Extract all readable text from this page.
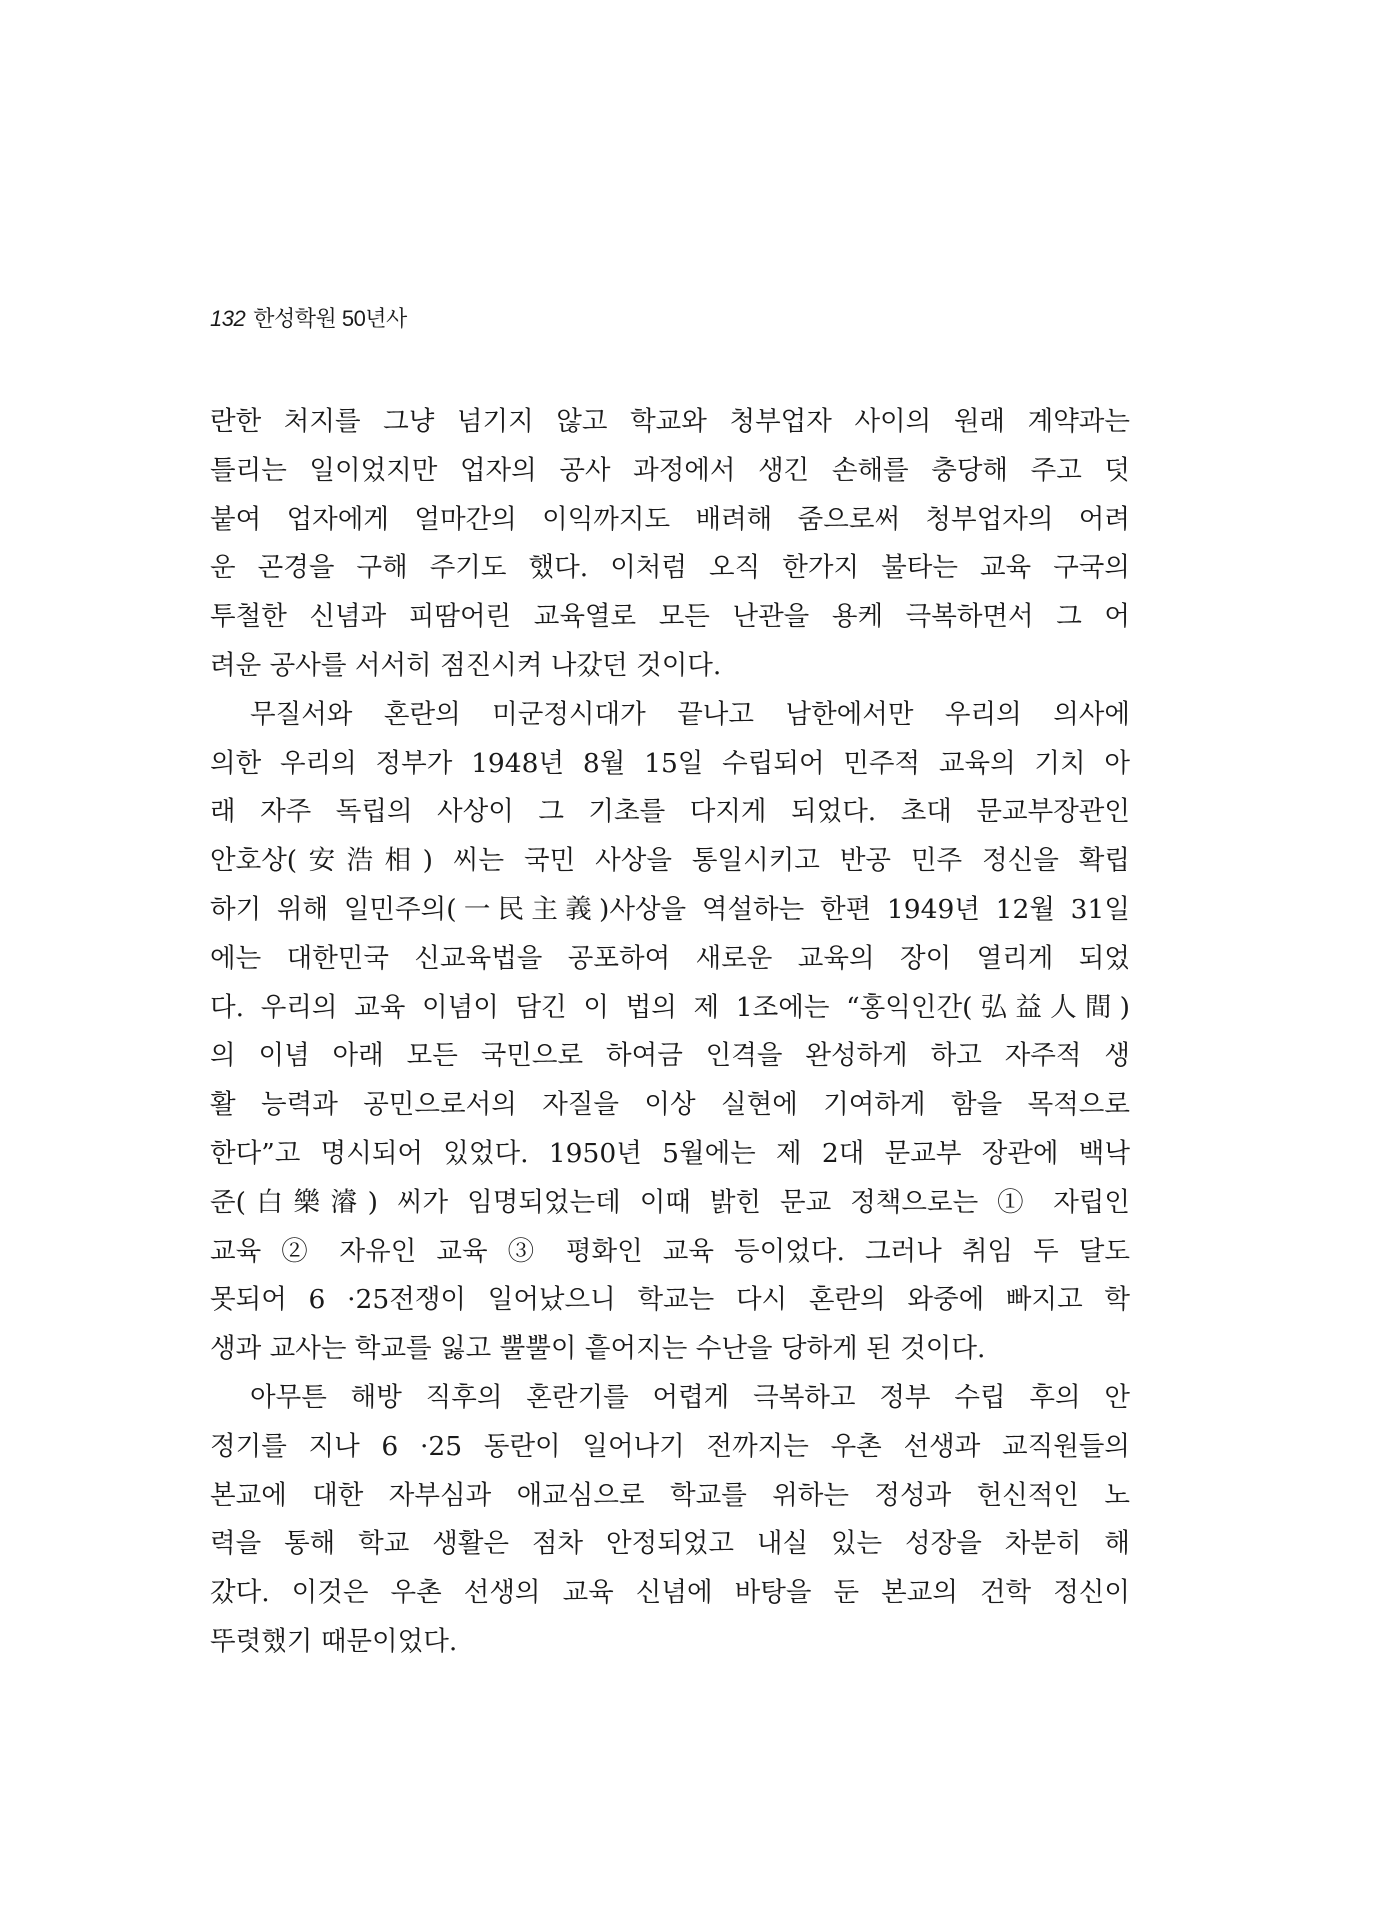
132 한성학원 50년사
란한 처지를 그냥 넘기지 않고 학교와 청부업자 사이의 원래 계약과는
틀리는 일이었지만 업자의 공사 과정에서 생긴 손해를 충당해 주고 덧
붙여 업자에게 얼마간의 이익까지도 배려해 줌으로써 청부업자의 어려
운 곤경을 구해 주기도 했다. 이처럼 오직 한가지 불타는 교육 구국의
투철한 신념과 피땀어린 교육열로 모든 난관을 용케 극복하면서 그 어
려운 공사를 서서히 점진시켜 나갔던 것이다.
무질서와 혼란의 미군정시대가 끝나고 남한에서만 우리의 의사에
의한 우리의 정부가 1948년 8월 15일 수립되어 민주적 교육의 기치 아
래 자주 독립의 사상이 그 기초를 다지게 되었다. 초대 문교부장관인
안호상(安浩相) 씨는 국민 사상을 통일시키고 반공 민주 정신을 확립
하기 위해 일민주의(一民主義)사상을 역설하는 한편 1949년 12월 31일
에는 대한민국 신교육법을 공포하여 새로운 교육의 장이 열리게 되었
다. 우리의 교육 이념이 담긴 이 법의 제 1조에는 “홍익인간(弘益人間)
의 이념 아래 모든 국민으로 하여금 인격을 완성하게 하고 자주적 생
활 능력과 공민으로서의 자질을 이상 실현에 기여하게 함을 목적으로
한다”고 명시되어 있었다. 1950년 5월에는 제 2대 문교부 장관에 백낙
준(白樂濬) 씨가 임명되었는데 이때 밝힌 문교 정책으로는 ① 자립인
교육 ② 자유인 교육 ③ 평화인 교육 등이었다. 그러나 취임 두 달도
못되어 6 ·25전쟁이 일어났으니 학교는 다시 혼란의 와중에 빠지고 학
생과 교사는 학교를 잃고 뿔뿔이 흩어지는 수난을 당하게 된 것이다.
아무튼 해방 직후의 혼란기를 어렵게 극복하고 정부 수립 후의 안
정기를 지나 6 ·25 동란이 일어나기 전까지는 우촌 선생과 교직원들의
본교에 대한 자부심과 애교심으로 학교를 위하는 정성과 헌신적인 노
력을 통해 학교 생활은 점차 안정되었고 내실 있는 성장을 차분히 해
갔다. 이것은 우촌 선생의 교육 신념에 바탕을 둔 본교의 건학 정신이
뚜렷했기 때문이었다.
